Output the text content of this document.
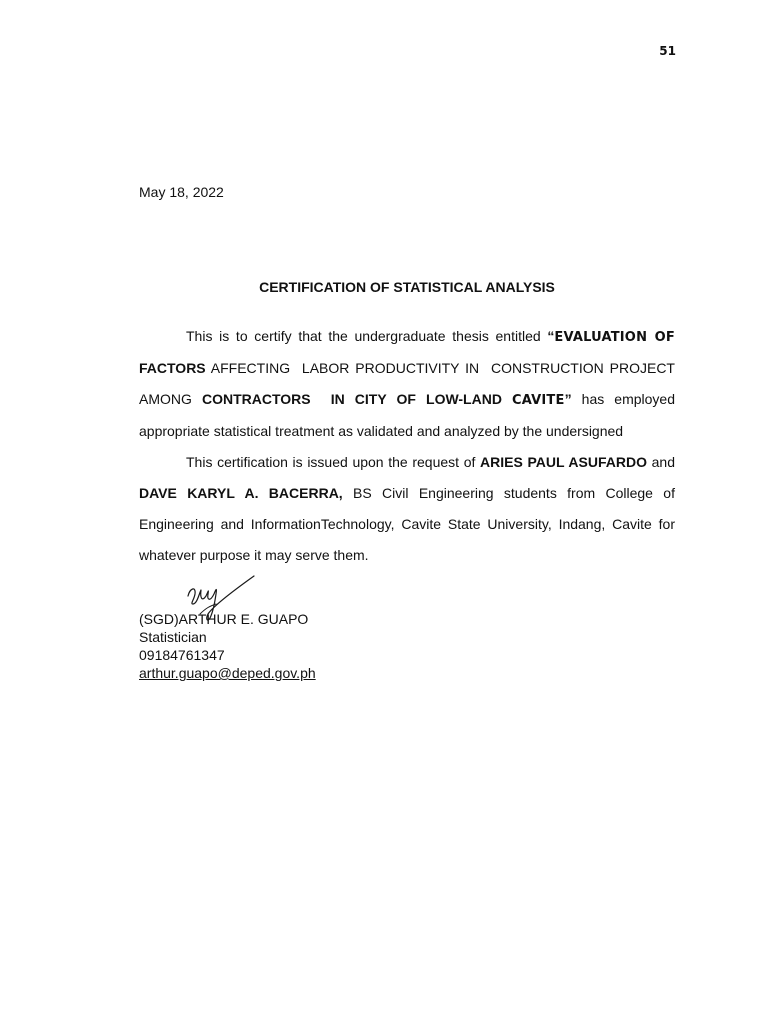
51
May 18, 2022
CERTIFICATION OF STATISTICAL ANALYSIS

This is to certify that the undergraduate thesis entitled “EVALUATION OF FACTORS AFFECTING  LABOR PRODUCTIVITY IN  CONSTRUCTION PROJECT AMONG CONTRACTORS  IN CITY OF LOW-LAND CAVITE” has employed appropriate statistical treatment as validated and analyzed by the undersigned

This certification is issued upon the request of ARIES PAUL ASUFARDO and DAVE KARYL A. BACERRA, BS Civil Engineering students from College of Engineering and InformationTechnology, Cavite State University, Indang, Cavite for whatever purpose it may serve them.

(SGD)ARTHUR E. GUAPO
Statistician
09184761347
arthur.guapo@deped.gov.ph
